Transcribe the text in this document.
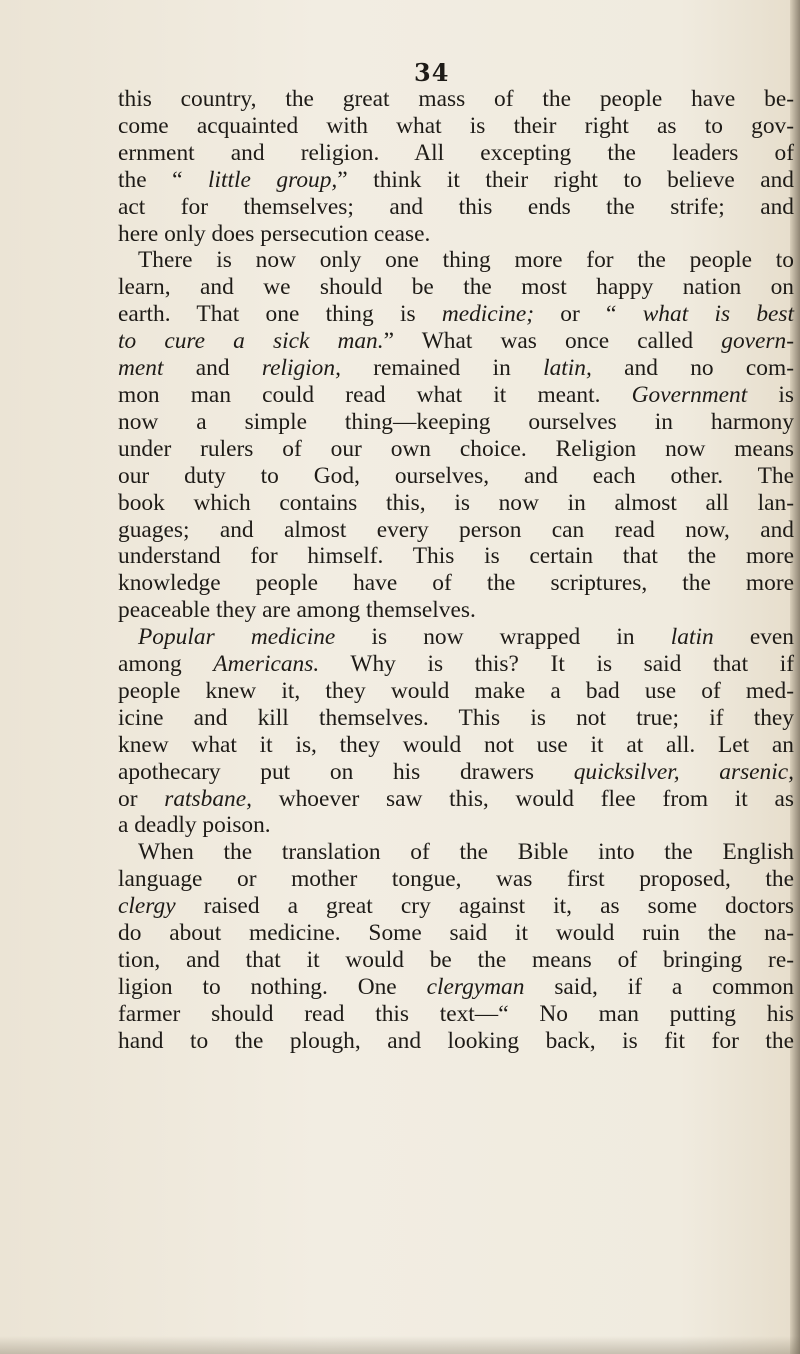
34
this country, the great mass of the people have be-
come acquainted with what is their right as to gov-
ernment and religion. All excepting the leaders of
the “ little group,” think it their right to believe and
act for themselves; and this ends the strife; and
here only does persecution cease.
There is now only one thing more for the people to
learn, and we should be the most happy nation on
earth. That one thing is medicine; or “ what is best
to cure a sick man.” What was once called govern-
ment and religion, remained in latin, and no com-
mon man could read what it meant. Government is
now a simple thing—keeping ourselves in harmony
under rulers of our own choice. Religion now means
our duty to God, ourselves, and each other. The
book which contains this, is now in almost all lan-
guages; and almost every person can read now, and
understand for himself. This is certain that the more
knowledge people have of the scriptures, the more
peaceable they are among themselves.
Popular medicine is now wrapped in latin even
among Americans. Why is this? It is said that if
people knew it, they would make a bad use of med-
icine and kill themselves. This is not true; if they
knew what it is, they would not use it at all. Let an
apothecary put on his drawers quicksilver, arsenic,
or ratsbane, whoever saw this, would flee from it as
a deadly poison.
When the translation of the Bible into the English
language or mother tongue, was first proposed, the
clergy raised a great cry against it, as some doctors
do about medicine. Some said it would ruin the na-
tion, and that it would be the means of bringing re-
ligion to nothing. One clergyman said, if a common
farmer should read this text—“ No man putting his
hand to the plough, and looking back, is fit for the
